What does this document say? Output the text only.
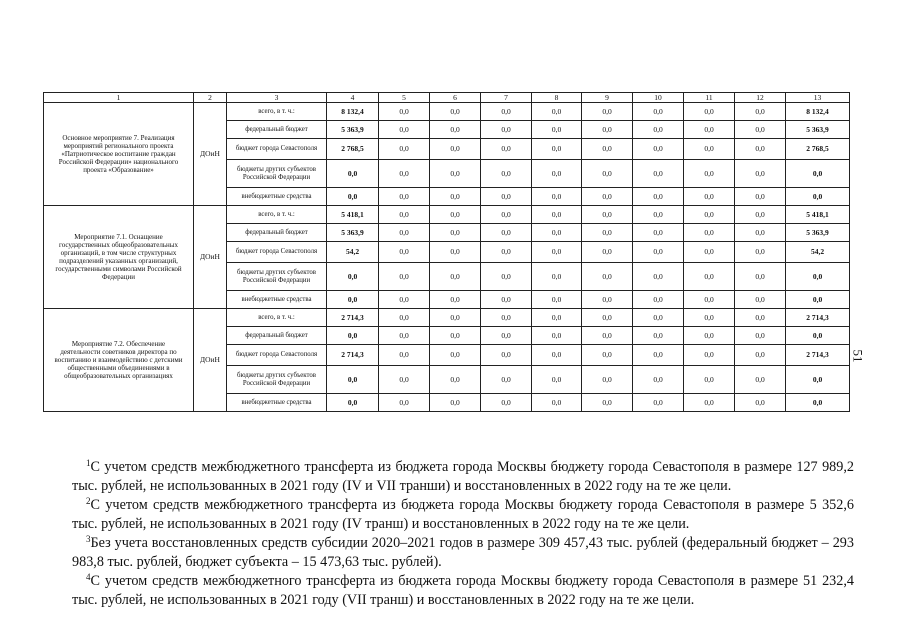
1	2	3	4	5	6	7	8	9	10	11	12	13
Основное мероприятие 7. Реализация мероприятий регионального проекта «Патриотическое воспитание граждан Российской Федерации» национального проекта «Образование»	ДОиН	всего, в т. ч.:	8 132,4	0,0	0,0	0,0	0,0	0,0	0,0	0,0	0,0	8 132,4
		федеральный бюджет	5 363,9	0,0	0,0	0,0	0,0	0,0	0,0	0,0	0,0	5 363,9
		бюджет города Севастополя	2 768,5	0,0	0,0	0,0	0,0	0,0	0,0	0,0	0,0	2 768,5
		бюджеты других субъектов Российской Федерации	0,0	0,0	0,0	0,0	0,0	0,0	0,0	0,0	0,0	0,0
		внебюджетные средства	0,0	0,0	0,0	0,0	0,0	0,0	0,0	0,0	0,0	0,0
Мероприятие 7.1. Оснащение государственных общеобразовательных организаций, в том числе структурных подразделений указанных организаций, государственными символами Российской Федерации	ДОиН	всего, в т. ч.:	5 418,1	0,0	0,0	0,0	0,0	0,0	0,0	0,0	0,0	5 418,1
		федеральный бюджет	5 363,9	0,0	0,0	0,0	0,0	0,0	0,0	0,0	0,0	5 363,9
		бюджет города Севастополя	54,2	0,0	0,0	0,0	0,0	0,0	0,0	0,0	0,0	54,2
		бюджеты других субъектов Российской Федерации	0,0	0,0	0,0	0,0	0,0	0,0	0,0	0,0	0,0	0,0
		внебюджетные средства	0,0	0,0	0,0	0,0	0,0	0,0	0,0	0,0	0,0	0,0
Мероприятие 7.2. Обеспечение деятельности советников директора по воспитанию и взаимодействию с детскими общественными объединениями в общеобразовательных организациях	ДОиН	всего, в т. ч.:	2 714,3	0,0	0,0	0,0	0,0	0,0	0,0	0,0	0,0	2 714,3
		федеральный бюджет	0,0	0,0	0,0	0,0	0,0	0,0	0,0	0,0	0,0	0,0
		бюджет города Севастополя	2 714,3	0,0	0,0	0,0	0,0	0,0	0,0	0,0	0,0	2 714,3
		бюджеты других субъектов Российской Федерации	0,0	0,0	0,0	0,0	0,0	0,0	0,0	0,0	0,0	0,0
		внебюджетные средства	0,0	0,0	0,0	0,0	0,0	0,0	0,0	0,0	0,0	0,0
51

$^1$С учетом средств межбюджетного трансферта из бюджета города Москвы бюджету города Севастополя в размере 127 989,2 тыс. рублей, не использованных в 2021 году (IV и VII транши) и восстановленных в 2022 году на те же цели.

$^2$С учетом средств межбюджетного трансферта из бюджета города Москвы бюджету города Севастополя в размере 5 352,6 тыс. рублей, не использованных в 2021 году (IV транш) и восстановленных в 2022 году на те же цели.

$^3$Без учета восстановленных средств субсидии 2020–2021 годов в размере 309 457,43 тыс. рублей (федеральный бюджет – 293 983,8 тыс. рублей, бюджет субъекта – 15 473,63 тыс. рублей).

$^4$С учетом средств межбюджетного трансферта из бюджета города Москвы бюджету города Севастополя в размере 51 232,4 тыс. рублей, не использованных в 2021 году (VII транш) и восстановленных в 2022 году на те же цели.
